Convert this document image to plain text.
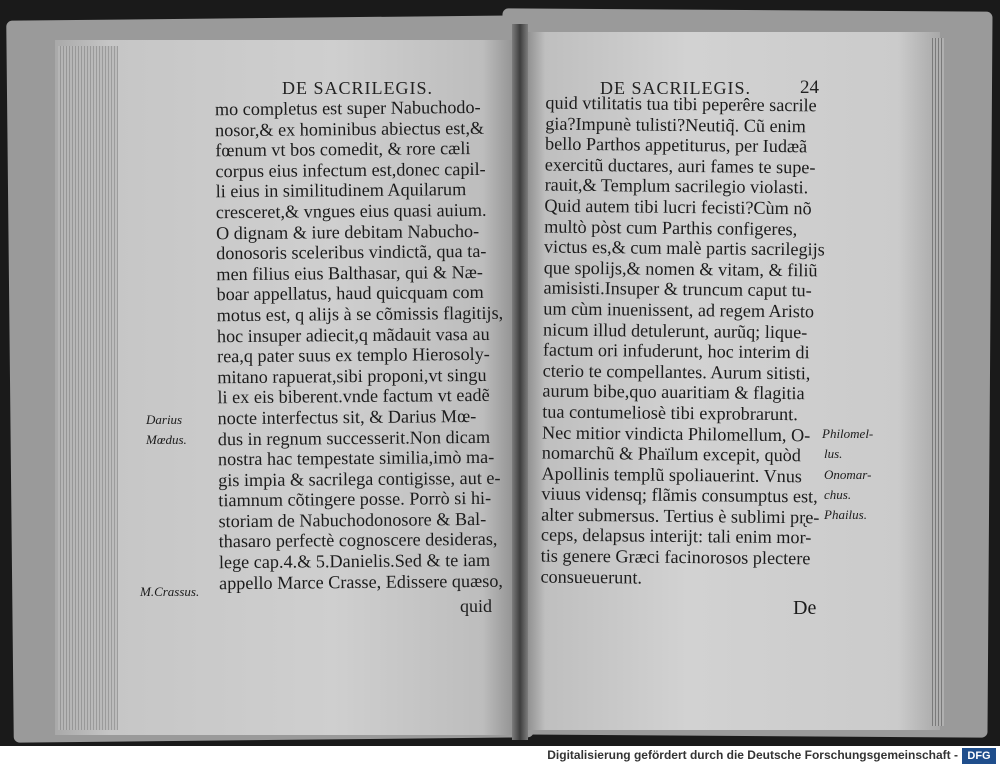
DE SACRILEGIS.
mo completus est super Nabuchodo-
nosor,& ex hominibus abiectus est,&
fœnum vt bos comedit, & rore cæli
corpus eius infectum est,donec capil-
li eius in similitudinem Aquilarum
cresceret,& vngues eius quasi auium.
O dignam & iure debitam Nabucho-
donosoris sceleribus vindictã, qua ta-
men filius eius Balthasar, qui & Næ-
boar appellatus, haud quicquam com
motus est, q alijs à se cõmissis flagitijs,
hoc insuper adiecit,q mãdauit vasa au
rea,q pater suus ex templo Hierosoly-
mitano rapuerat,sibi proponi,vt singu
li ex eis biberent.vnde factum vt eadẽ
nocte interfectus sit, & Darius Mœ-
dus in regnum successerit.Non dicam
nostra hac tempestate similia,imò ma-
gis impia & sacrilega contigisse, aut e-
tiamnum cõtingere posse. Porrò si hi-
storiam de Nabuchodonosore & Bal-
thasaro perfectè cognoscere desideras,
lege cap.4.& 5.Danielis.Sed & te iam
appello Marce Crasse, Edissere quæso,
quid
Darius
Mœdus.
M.Crassus.
DE SACRILEGIS.	24
quid vtilitatis tua tibi peperêre sacrile
gia?Impunè tulisti?Neutiq̃. Cũ enim
bello Parthos appetiturus, per Iudæã
exercitũ ductares, auri fames te supe-
rauit,& Templum sacrilegio violasti.
Quid autem tibi lucri fecisti?Cùm nõ
multò pòst cum Parthis configeres,
victus es,& cum malè partis sacrilegijs
que spolijs,& nomen & vitam, & filiũ
amisisti.Insuper & truncum caput tu-
um cùm inuenissent, ad regem Aristo
nicum illud detulerunt, aurũq; lique-
factum ori infuderunt, hoc interim di
cterio te compellantes. Aurum sitisti,
aurum bibe,quo auaritiam & flagitia
tua contumeliosè tibi exprobrarunt.
Nec mitior vindicta Philomellum, O-
nomarchũ & Phaïlum excepit, quòd
Apollinis templũ spoliauerint. Vnus
viuus vidensq; flãmis consumptus est,
alter submersus. Tertius è sublimi pr̨e-
ceps, delapsus interijt: tali enim mor-
tis genere Græci facinorosos plectere
consueuerunt.
De
Philomel-
lus.
Onomar-
chus.
Phailus.
Digitalisierung gefördert durch die Deutsche Forschungsgemeinschaft - DFG
